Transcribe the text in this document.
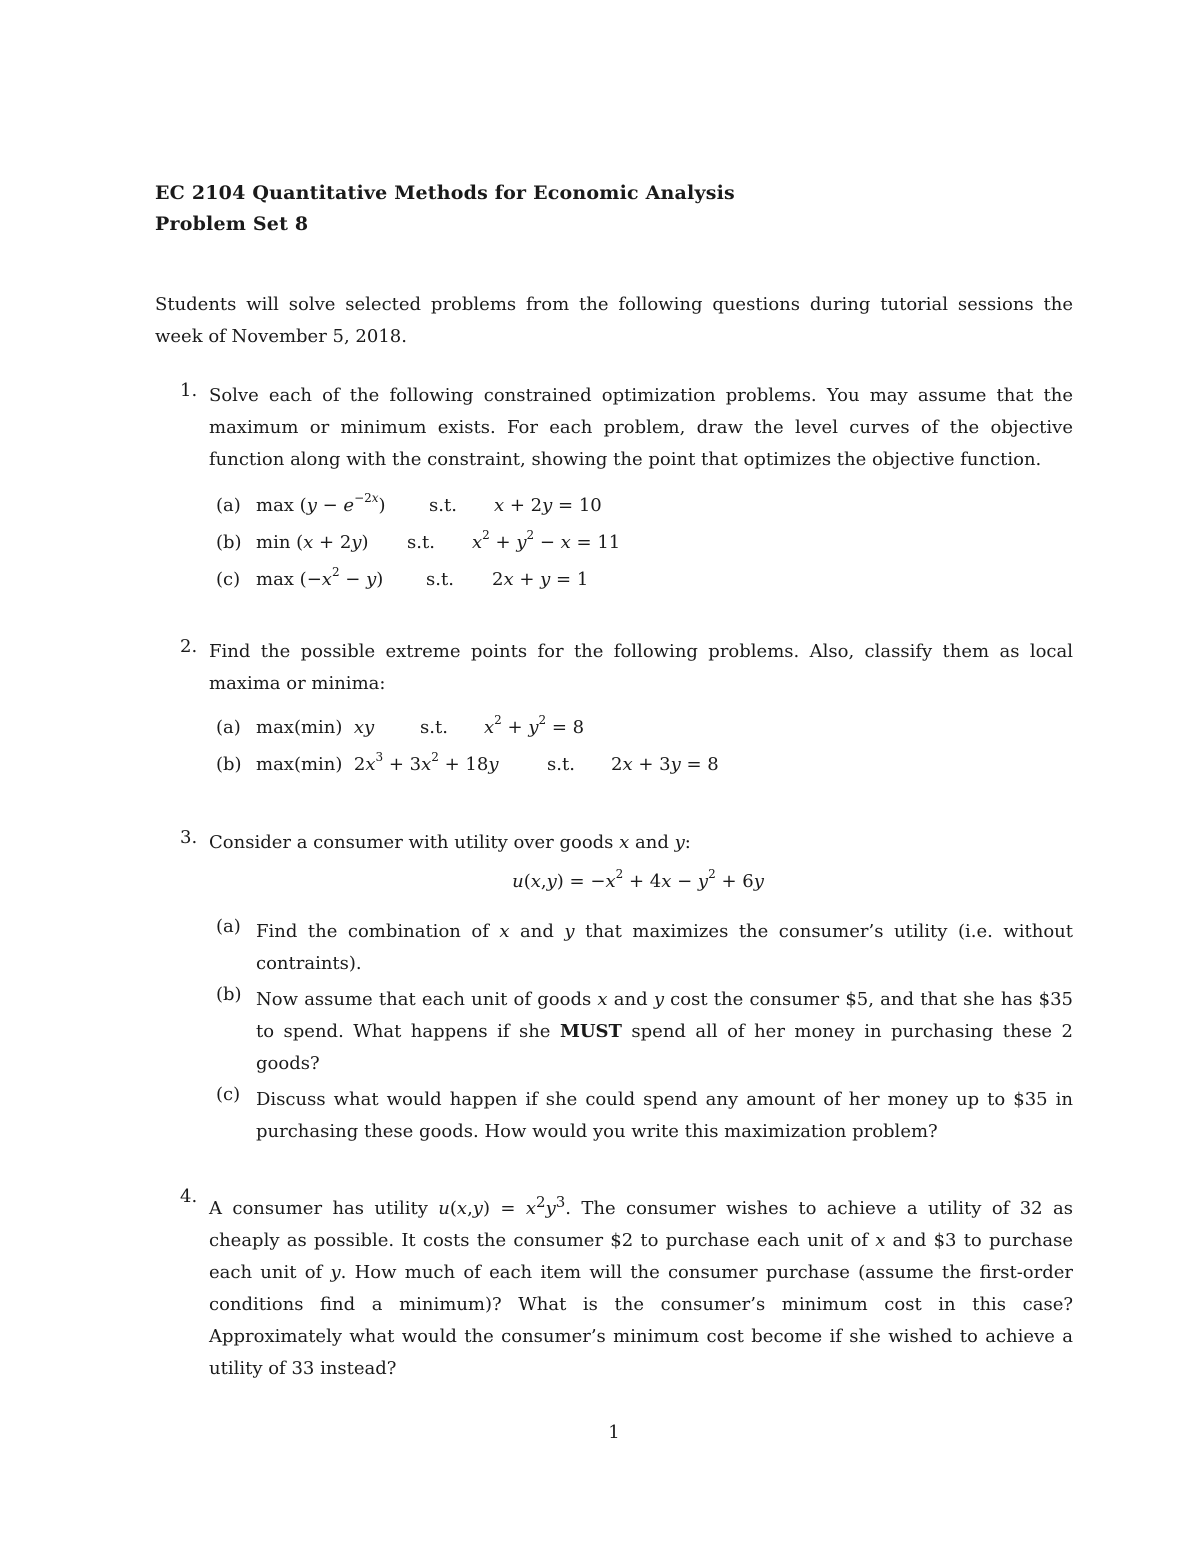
EC 2104 Quantitative Methods for Economic Analysis
Problem Set 8
Students will solve selected problems from the following questions during tutorial sessions the week of November 5, 2018.
1. Solve each of the following constrained optimization problems. You may assume that the maximum or minimum exists. For each problem, draw the level curves of the objective function along with the constraint, showing the point that optimizes the objective function.
(a) $\max (y - e^{-2x})$ s.t. x + 2y = 10
(b) min (x + 2y) s.t. $x^2 + y^2 - x = 11$
(c) $\max (-x^2 - y)$ s.t. 2x + y = 1
2. Find the possible extreme points for the following problems. Also, classify them as local maxima or minima:
(a) max(min)  xy	s.t. $x^2 + y^2 = 8$
(b) max(min)  $2x^3 + 3x^2 + 18y$	s.t. 2x + 3y = 8
3. Consider a consumer with utility over goods x and y:
$u(x,y) = -x^2 + 4x - y^2 + 6y$
(a) Find the combination of x and y that maximizes the consumer’s utility (i.e. without contraints).
(b) Now assume that each unit of goods x and y cost the consumer $5, and that she has $35 to spend. What happens if she MUST spend all of her money in purchasing these 2 goods?
(c) Discuss what would happen if she could spend any amount of her money up to $35 in purchasing these goods. How would you write this maximization problem?
4.
A consumer has utility $u(x,y) = x^2y^3$. The consumer wishes to achieve a utility of 32 as cheaply as possible. It costs the consumer $2 to purchase each unit of x and $3 to purchase each unit of y. How much of each item will the consumer purchase (assume the first-order conditions find a minimum)? What is the consumer’s minimum cost in this case? Approximately what would the consumer’s minimum cost become if she wished to achieve a utility of 33 instead?
1
